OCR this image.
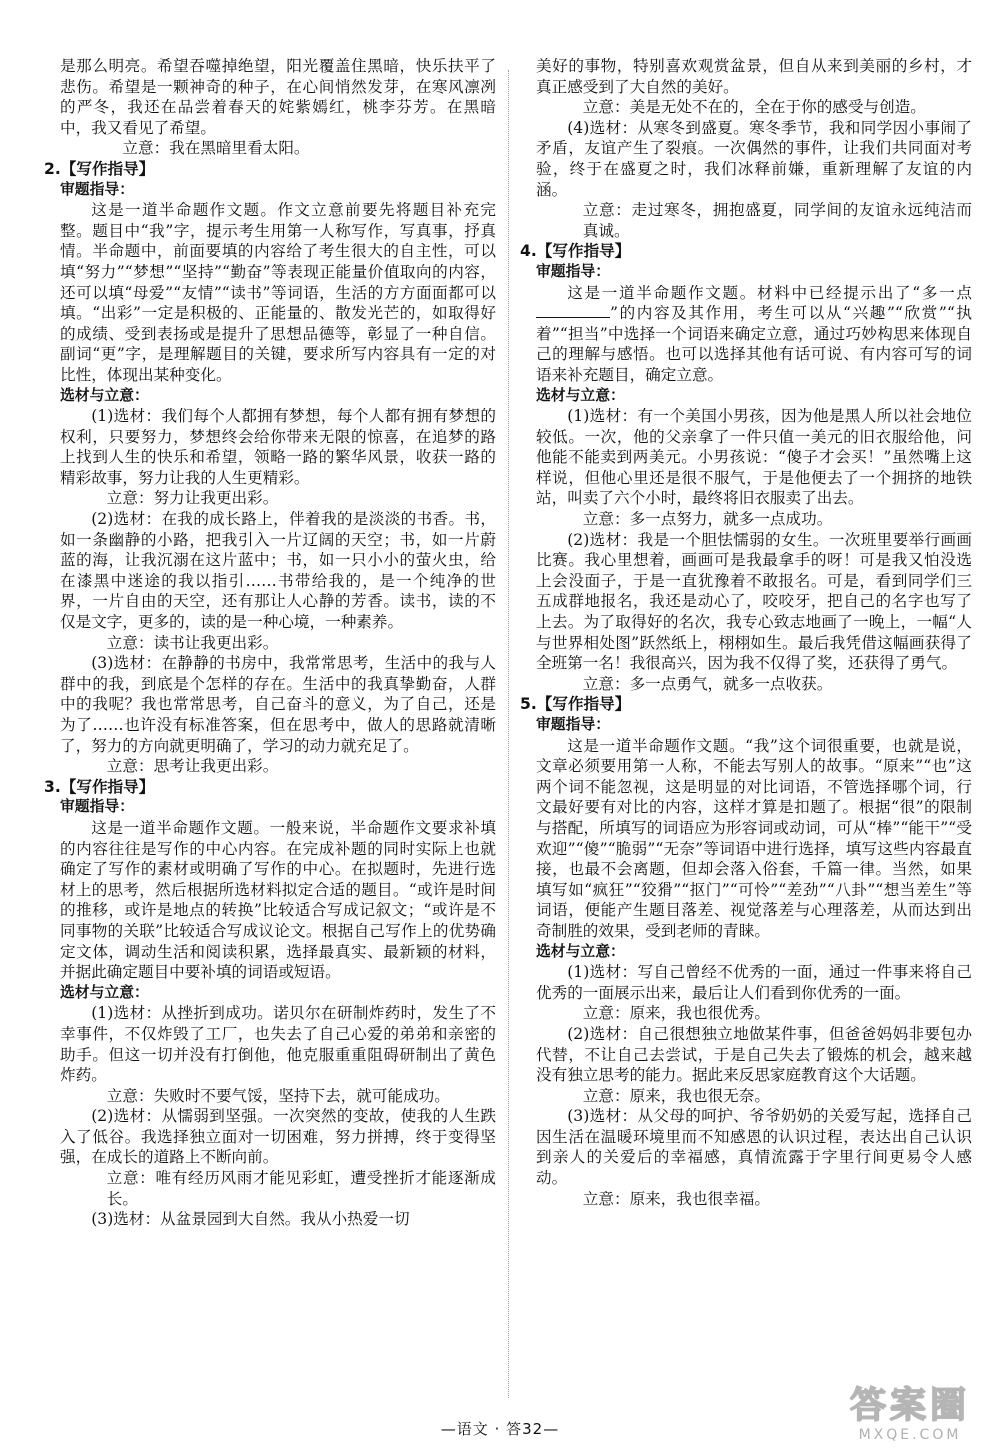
是那么明亮。希望吞噬掉绝望，阳光覆盖住黑暗，快乐扶平了悲伤。希望是一颗神奇的种子，在心间悄然发芽，在寒风凛冽的严冬，我还在品尝着春天的姹紫嫣红，桃李芬芳。在黑暗中，我又看见了希望。

立意：我在黑暗里看太阳。

2.【写作指导】

审题指导：

这是一道半命题作文题。作文立意前要先将题目补充完整。题目中“我”字，提示考生用第一人称写作，写真事，抒真情。半命题中，前面要填的内容给了考生很大的自主性，可以填“努力”“梦想”“坚持”“勤奋”等表现正能量价值取向的内容，还可以填“母爱”“友情”“读书”等词语，生活的方方面面都可以填。“出彩”一定是积极的、正能量的、散发光芒的，如取得好的成绩、受到表扬或是提升了思想品德等，彰显了一种自信。副词“更”字，是理解题目的关键，要求所写内容具有一定的对比性，体现出某种变化。

选材与立意：

(1)选材：我们每个人都拥有梦想，每个人都有拥有梦想的权利，只要努力，梦想终会给你带来无限的惊喜，在追梦的路上找到人生的快乐和希望，领略一路的繁华风景，收获一路的精彩故事，努力让我的人生更精彩。

立意：努力让我更出彩。

(2)选材：在我的成长路上，伴着我的是淡淡的书香。书，如一条幽静的小路，把我引入一片辽阔的天空；书，如一片蔚蓝的海，让我沉溺在这片蓝中；书，如一只小小的萤火虫，给在漆黑中迷途的我以指引……书带给我的，是一个纯净的世界，一片自由的天空，还有那让人心静的芳香。读书，读的不仅是文字，更多的，读的是一种心境，一种素养。

立意：读书让我更出彩。

(3)选材：在静静的书房中，我常常思考，生活中的我与人群中的我，到底是个怎样的存在。生活中的我真挚勤奋，人群中的我呢？我也常常思考，自己奋斗的意义，为了自己，还是为了……也许没有标准答案，但在思考中，做人的思路就清晰了，努力的方向就更明确了，学习的动力就充足了。

立意：思考让我更出彩。

3.【写作指导】

审题指导：

这是一道半命题作文题。一般来说，半命题作文要求补填的内容往往是写作的中心内容。在完成补题的同时实际上也就确定了写作的素材或明确了写作的中心。在拟题时，先进行选材上的思考，然后根据所选材料拟定合适的题目。“或许是时间的推移，或许是地点的转换”比较适合写成记叙文；“或许是不同事物的关联”比较适合写成议论文。根据自己写作上的优势确定文体，调动生活和阅读积累，选择最真实、最新颖的材料，并据此确定题目中要补填的词语或短语。

选材与立意：

(1)选材：从挫折到成功。诺贝尔在研制炸药时，发生了不幸事件，不仅炸毁了工厂，也失去了自己心爱的弟弟和亲密的助手。但这一切并没有打倒他，他克服重重阻碍研制出了黄色炸药。

立意：失败时不要气馁，坚持下去，就可能成功。

(2)选材：从懦弱到坚强。一次突然的变故，使我的人生跌入了低谷。我选择独立面对一切困难，努力拼搏，终于变得坚强，在成长的道路上不断向前。

立意：唯有经历风雨才能见彩虹，遭受挫折才能逐渐成长。

(3)选材：从盆景园到大自然。我从小热爱一切

美好的事物，特别喜欢观赏盆景，但自从来到美丽的乡村，才真正感受到了大自然的美好。

立意：美是无处不在的，全在于你的感受与创造。

(4)选材：从寒冬到盛夏。寒冬季节，我和同学因小事闹了矛盾，友谊产生了裂痕。一次偶然的事件，让我们共同面对考验，终于在盛夏之时，我们冰释前嫌，重新理解了友谊的内涵。

立意：走过寒冬，拥抱盛夏，同学间的友谊永远纯洁而真诚。

4.【写作指导】

审题指导：

这是一道半命题作文题。材料中已经提示出了“多一点”的内容及其作用，考生可以从“兴趣”“欣赏”“执着”“担当”中选择一个词语来确定立意，通过巧妙构思来体现自己的理解与感悟。也可以选择其他有话可说、有内容可写的词语来补充题目，确定立意。

选材与立意：

(1)选材：有一个美国小男孩，因为他是黑人所以社会地位较低。一次，他的父亲拿了一件只值一美元的旧衣服给他，问他能不能卖到两美元。小男孩说：“傻子才会买！”虽然嘴上这样说，但他心里还是很不服气，于是他便去了一个拥挤的地铁站，叫卖了六个小时，最终将旧衣服卖了出去。

立意：多一点努力，就多一点成功。

(2)选材：我是一个胆怯懦弱的女生。一次班里要举行画画比赛。我心里想着，画画可是我最拿手的呀！可是我又怕没选上会没面子，于是一直犹豫着不敢报名。可是，看到同学们三五成群地报名，我还是动心了，咬咬牙，把自己的名字也写了上去。为了取得好的名次，我专心致志地画了一晚上，一幅“人与世界相处图”跃然纸上，栩栩如生。最后我凭借这幅画获得了全班第一名！我很高兴，因为我不仅得了奖，还获得了勇气。

立意：多一点勇气，就多一点收获。

5.【写作指导】

审题指导：

这是一道半命题作文题。“我”这个词很重要，也就是说，文章必须要用第一人称，不能去写别人的故事。“原来”“也”这两个词不能忽视，这是明显的对比词语，不管选择哪个词，行文最好要有对比的内容，这样才算是扣题了。根据“很”的限制与搭配，所填写的词语应为形容词或动词，可从“棒”“能干”“受欢迎”“傻”“脆弱”“无奈”等词语中进行选择，填写这些内容最直接，也最不会离题，但却会落入俗套，千篇一律。当然，如果填写如“疯狂”“狡猾”“抠门”“可怜”“差劲”“八卦”“想当差生”等词语，便能产生题目落差、视觉落差与心理落差，从而达到出奇制胜的效果，受到老师的青睐。

选材与立意：

(1)选材：写自己曾经不优秀的一面，通过一件事来将自己优秀的一面展示出来，最后让人们看到你优秀的一面。

立意：原来，我也很优秀。

(2)选材：自己很想独立地做某件事，但爸爸妈妈非要包办代替，不让自己去尝试，于是自己失去了锻炼的机会，越来越没有独立思考的能力。据此来反思家庭教育这个大话题。

立意：原来，我也很无奈。

(3)选材：从父母的呵护、爷爷奶奶的关爱写起，选择自己因生活在温暖环境里而不知感恩的认识过程，表达出自己认识到亲人的关爱后的幸福感，真情流露于字里行间更易令人感动。

立意：原来，我也很幸福。

—语文 · 答32—
答案圈
MXQE.COM
